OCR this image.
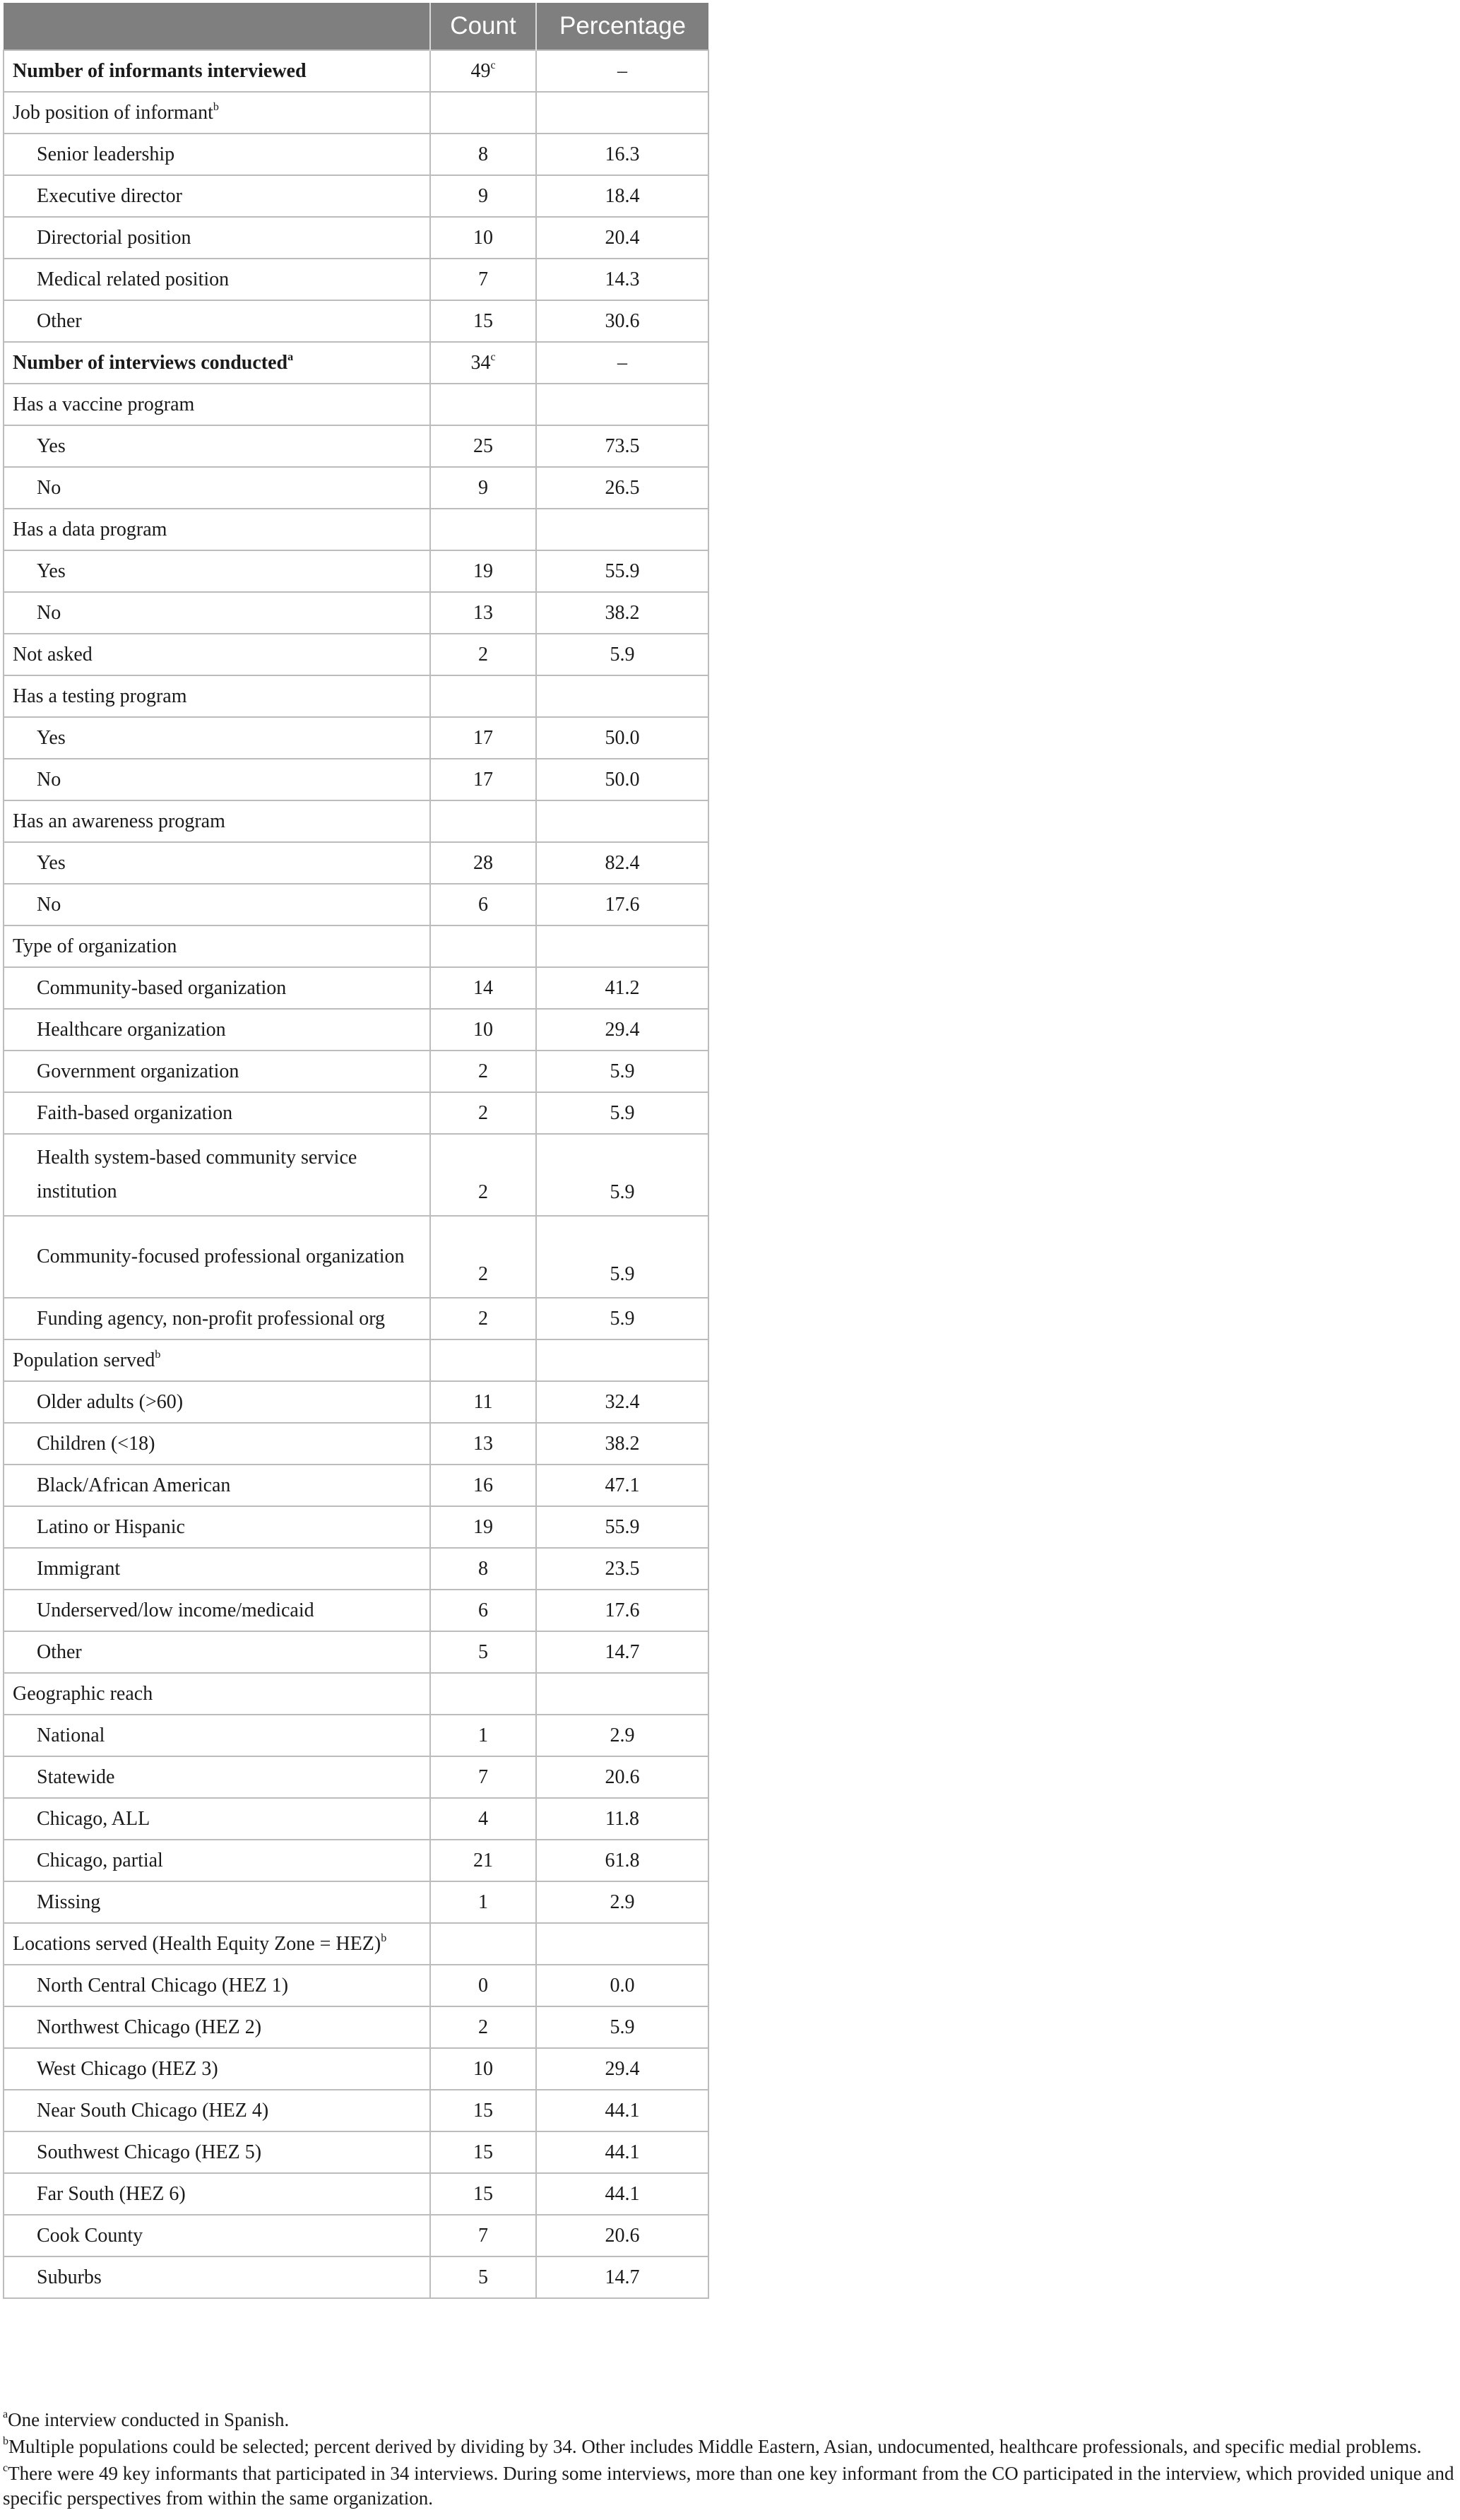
	Count	Percentage
Number of informants interviewed	49$^c$	–
Job position of informant$^b$		
Senior leadership	8	16.3
Executive director	9	18.4
Directorial position	10	20.4
Medical related position	7	14.3
Other	15	30.6
Number of interviews conducted$^a$	34$^c$	–
Has a vaccine program		
Yes	25	73.5
No	9	26.5
Has a data program		
Yes	19	55.9
No	13	38.2
Not asked	2	5.9
Has a testing program		
Yes	17	50.0
No	17	50.0
Has an awareness program		
Yes	28	82.4
No	6	17.6
Type of organization		
Community-based organization	14	41.2
Healthcare organization	10	29.4
Government organization	2	5.9
Faith-based organization	2	5.9
Health system-based community service institution	2	5.9
Community-focused professional organization	2	5.9
Funding agency, non-profit professional org	2	5.9
Population served$^b$		
Older adults (>60)	11	32.4
Children (<18)	13	38.2
Black/African American	16	47.1
Latino or Hispanic	19	55.9
Immigrant	8	23.5
Underserved/low income/medicaid	6	17.6
Other	5	14.7
Geographic reach		
National	1	2.9
Statewide	7	20.6
Chicago, ALL	4	11.8
Chicago, partial	21	61.8
Missing	1	2.9
Locations served (Health Equity Zone = HEZ)$^b$		
North Central Chicago (HEZ 1)	0	0.0
Northwest Chicago (HEZ 2)	2	5.9
West Chicago (HEZ 3)	10	29.4
Near South Chicago (HEZ 4)	15	44.1
Southwest Chicago (HEZ 5)	15	44.1
Far South (HEZ 6)	15	44.1
Cook County	7	20.6
Suburbs	5	14.7

$^a$One interview conducted in Spanish.

$^b$Multiple populations could be selected; percent derived by dividing by 34. Other includes Middle Eastern, Asian, undocumented, healthcare professionals, and specific medial problems.

$^c$There were 49 key informants that participated in 34 interviews. During some interviews, more than one key informant from the CO participated in the interview, which provided unique and specific perspectives from within the same organization.
